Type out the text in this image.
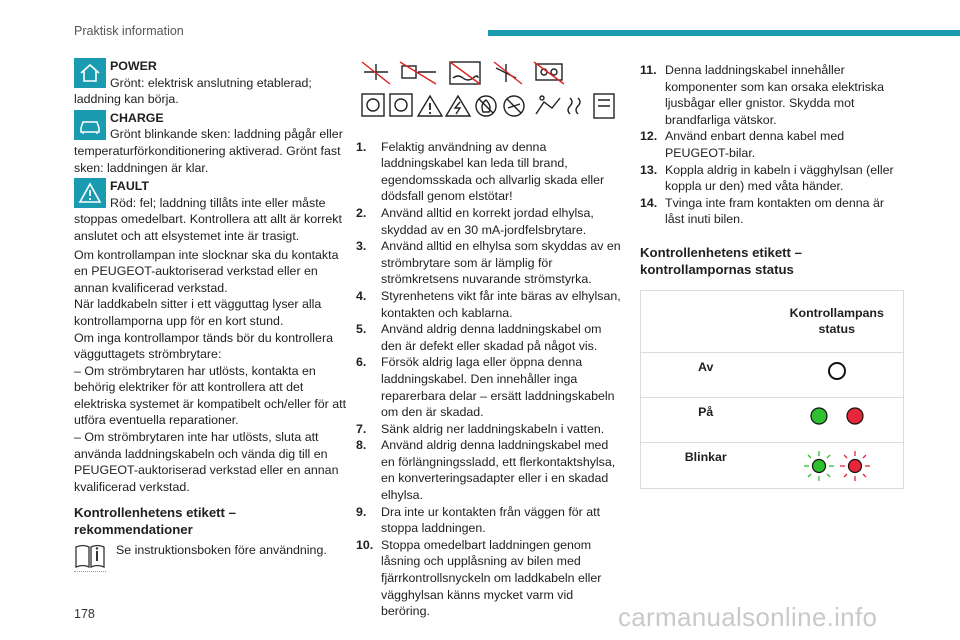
Praktisk information
POWER
Grönt: elektrisk anslutning etablerad; laddning kan börja.
CHARGE
Grönt blinkande sken: laddning pågår eller temperaturförkonditionering aktiverad. Grönt fast sken: laddningen är klar.
FAULT
Röd: fel; laddning tillåts inte eller måste stoppas omedelbart. Kontrollera att allt är korrekt anslutet och att elsystemet inte är trasigt.
Om kontrollampan inte slocknar ska du kontakta en PEUGEOT-auktoriserad verkstad eller en annan kvalificerad verkstad.
När laddkabeln sitter i ett vägguttag lyser alla kontrollamporna upp för en kort stund.
Om inga kontrollampor tänds bör du kontrollera vägguttagets strömbrytare:
– Om strömbrytaren har utlösts, kontakta en behörig elektriker för att kontrollera att det elektriska systemet är kompatibelt och/eller för att utföra eventuella reparationer.
– Om strömbrytaren inte har utlösts, sluta att använda laddningskabeln och vända dig till en PEUGEOT-auktoriserad verkstad eller en annan kvalificerad verkstad.
Kontrollenhetens etikett – rekommendationer
Se instruktionsboken före användning.
1. Felaktig användning av denna laddningskabel kan leda till brand, egendomsskada och allvarlig skada eller dödsfall genom elstötar!
2. Använd alltid en korrekt jordad elhylsa, skyddad av en 30 mA-jordfelsbrytare.
3. Använd alltid en elhylsa som skyddas av en strömbrytare som är lämplig för strömkretsens nuvarande strömstyrka.
4. Styrenhetens vikt får inte bäras av elhylsan, kontakten och kablarna.
5. Använd aldrig denna laddningskabel om den är defekt eller skadad på något vis.
6. Försök aldrig laga eller öppna denna laddningskabel. Den innehåller inga reparerbara delar – ersätt laddningskabeln om den är skadad.
7. Sänk aldrig ner laddningskabeln i vatten.
8. Använd aldrig denna laddningskabel med en förlängningssladd, ett flerkontaktshylsa, en konverteringsadapter eller i en skadad elhylsa.
9. Dra inte ur kontakten från väggen för att stoppa laddningen.
10. Stoppa omedelbart laddningen genom låsning och upplåsning av bilen med fjärrkontrollsnyckeln om laddkabeln eller vägghylsan känns mycket varm vid beröring.
11. Denna laddningskabel innehåller komponenter som kan orsaka elektriska ljusbågar eller gnistor. Skydda mot brandfarliga vätskor.
12. Använd enbart denna kabel med PEUGEOT-bilar.
13. Koppla aldrig in kabeln i vägghylsan (eller koppla ur den) med våta händer.
14. Tvinga inte fram kontakten om denna är låst inuti bilen.
Kontrollenhetens etikett – kontrollampornas status
	Kontrollampans status
Av	
På	
Blinkar	
178	carmanualsonline.info
